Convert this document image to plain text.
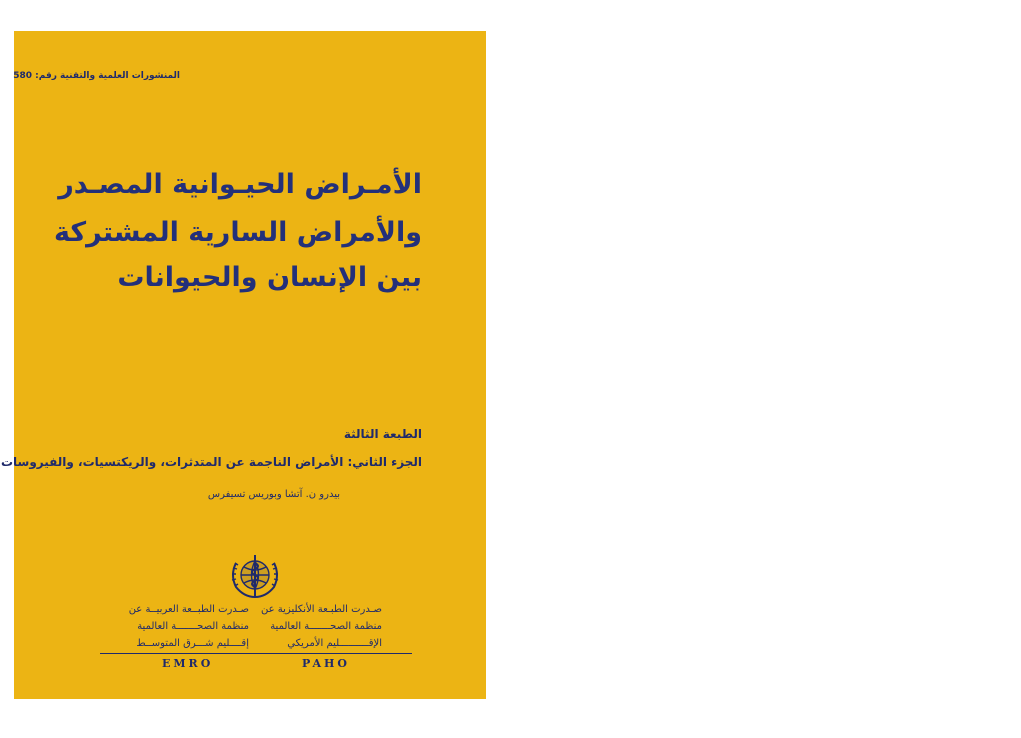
المنشورات العلمية والتقنية رقم: 580
الأمـراض الحيـوانية المصـدر
والأمراض السارية المشتركة
بين الإنسان والحيوانات
الطبعة الثالثة
الجزء الثاني: الأمراض الناجمة عن المتدثرات، والريكتسيات، والفيروسات
بيدرو ن. آتشا وبوريس تسيفرس
صـدرت الطبـعة الأنكليزية عن
منظمة الصحـــــــة العالمية
الإقــــــــــليم الأمريكي
صـدرت الطبــعة العربيــة عن
منظمة الصحـــــــة العالمية
إقــــليم شـــرق المتوســط
EMRO	PAHO
